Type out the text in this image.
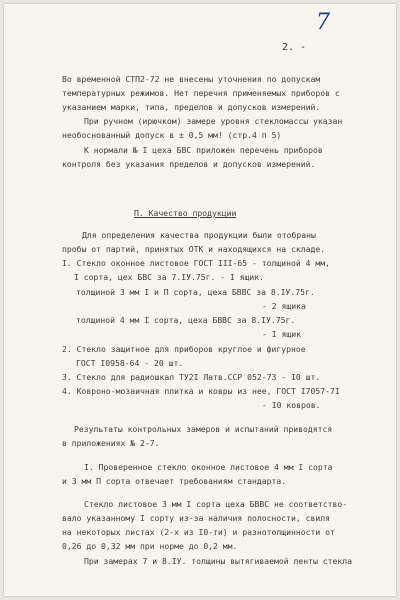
7
2. -
Во временной СТП2-72 не внесены уточнения по допускам
температурных режимов. Нет перечня применяемых приборов с
указанием марки, типа, пределов и допусков измерений.
При ручном (ирючком) замере уровня стекломассы указан
необоснованный допуск в ± 0,5 мм! (стр.4 п 5)
К нормали № I цеха БВС приложен перечень приборов
контроля без указания пределов и допусков измерений.
П. Качество продукции
Для определения качества продукции были отобраны
пробы от партий, принятых ОТК и находящихся на складе.
I. Стекло оконное листовое ГОСТ III-65 - толщиной 4 мм,
I сорта, цех БВС за 7.IУ.75г. - I ящик.
толщиной 3 мм I и П сорта, цеха БВВС за 8.IУ.75г.
- 2 ящика
толщиной 4 мм I сорта, цеха БВВС за 8.IУ.75г.
- I ящик
2. Стекло защитное для приборов круглое и фигурное
ГОСТ I0958-64 - 20 шт.
3. Стекло для радиошкал ТУ2I Латв.ССР 052-73 - I0 шт.
4. Ковроно-мозаичная плитка и ковры из нее, ГОСТ I7057-7I
- I0 ковров.
Результаты контрольных замеров и испытаний приводятся
в приложениях № 2-7.
I. Проверенное стекло оконное листовое 4 мм I сорта
и 3 мм П сорта отвечает требованиям стандарта.
Стекло листовое 3 мм I сорта цеха БВВС не соответство-
вало указанному I сорту из-за наличия полосности, свиля
на некоторых листах (2-х из I0-ти) и разнотолщинности от
0,26 до 0,32 мм при норме до 0,2 мм.
При замерах 7 и 8.IУ. толщины вытягиваемой ленты стекла
